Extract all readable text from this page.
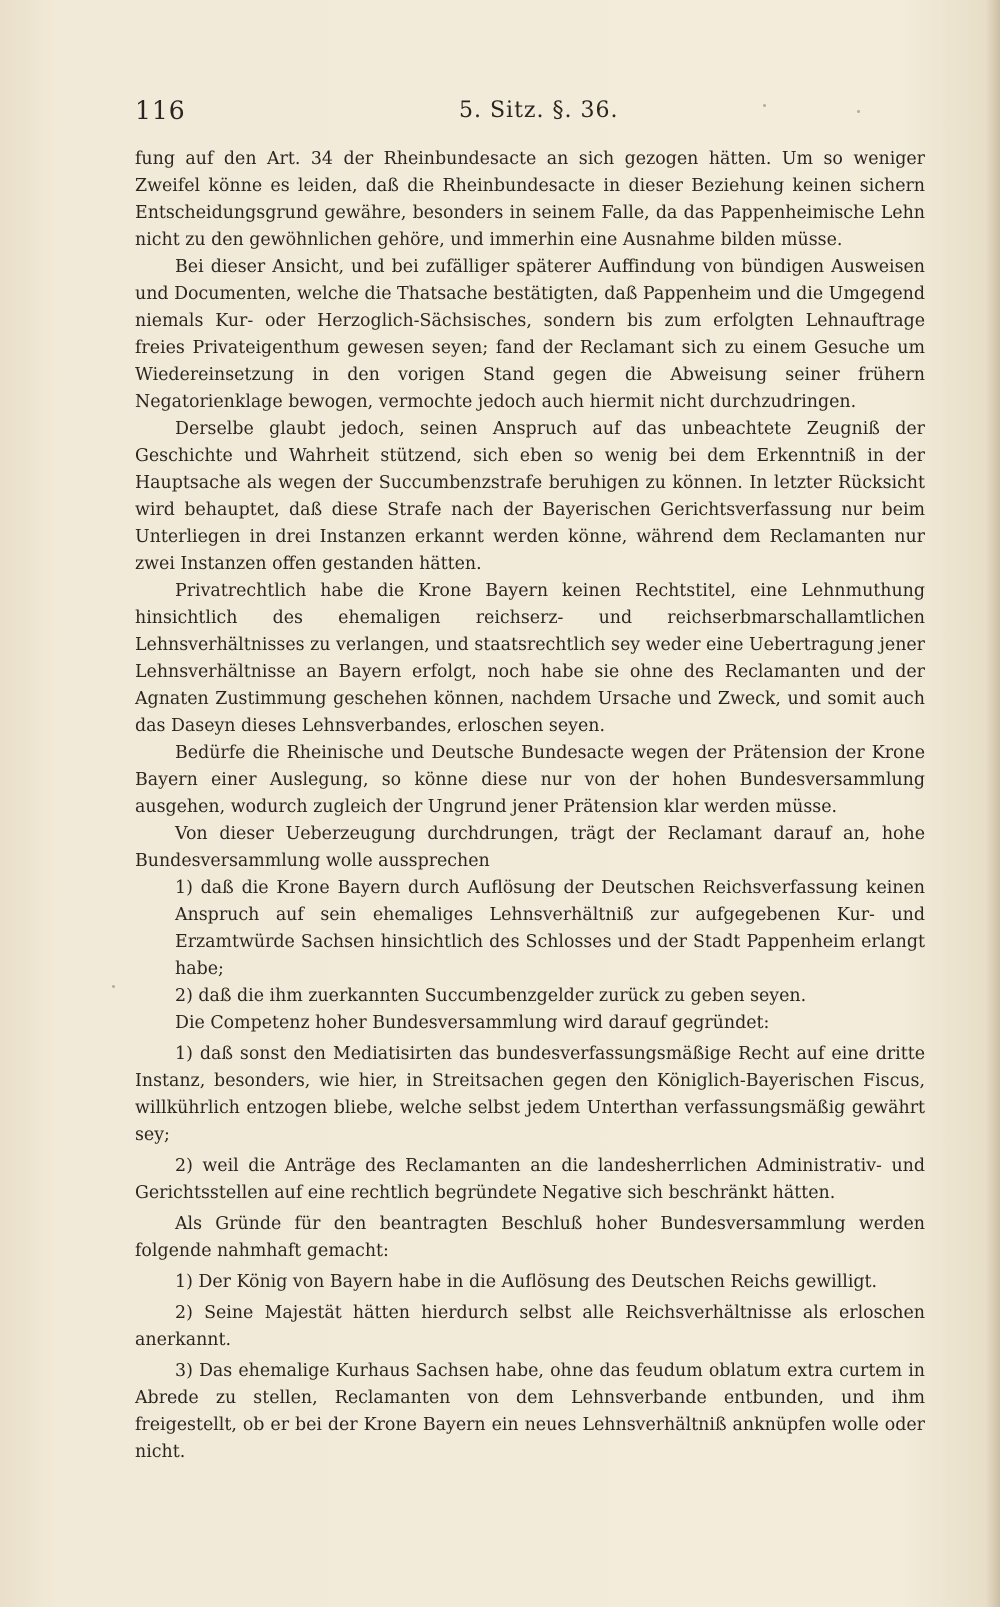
116	5. Sitz. §. 36.

fung auf den Art. 34 der Rheinbundesacte an sich gezogen hätten. Um so weniger Zweifel könne es leiden, daß die Rheinbundesacte in dieser Beziehung keinen sichern Entscheidungsgrund gewähre, besonders in seinem Falle, da das Pappenheimische Lehn nicht zu den gewöhnlichen gehöre, und immerhin eine Ausnahme bilden müsse.

Bei dieser Ansicht, und bei zufälliger späterer Auffindung von bündigen Ausweisen und Documenten, welche die Thatsache bestätigten, daß Pappenheim und die Umgegend niemals Kur- oder Herzoglich-Sächsisches, sondern bis zum erfolgten Lehnauftrage freies Privateigenthum gewesen seyen; fand der Reclamant sich zu einem Gesuche um Wiedereinsetzung in den vorigen Stand gegen die Abweisung seiner frühern Negatorienklage bewogen, vermochte jedoch auch hiermit nicht durchzudringen.

Derselbe glaubt jedoch, seinen Anspruch auf das unbeachtete Zeugniß der Geschichte und Wahrheit stützend, sich eben so wenig bei dem Erkenntniß in der Hauptsache als wegen der Succumbenzstrafe beruhigen zu können. In letzter Rücksicht wird behauptet, daß diese Strafe nach der Bayerischen Gerichtsverfassung nur beim Unterliegen in drei Instanzen erkannt werden könne, während dem Reclamanten nur zwei Instanzen offen gestanden hätten.

Privatrechtlich habe die Krone Bayern keinen Rechtstitel, eine Lehnmuthung hinsichtlich des ehemaligen reichserz- und reichserbmarschallamtlichen Lehnsverhältnisses zu verlangen, und staatsrechtlich sey weder eine Uebertragung jener Lehnsverhältnisse an Bayern erfolgt, noch habe sie ohne des Reclamanten und der Agnaten Zustimmung geschehen können, nachdem Ursache und Zweck, und somit auch das Daseyn dieses Lehnsverbandes, erloschen seyen.

Bedürfe die Rheinische und Deutsche Bundesacte wegen der Prätension der Krone Bayern einer Auslegung, so könne diese nur von der hohen Bundesversammlung ausgehen, wodurch zugleich der Ungrund jener Prätension klar werden müsse.

Von dieser Ueberzeugung durchdrungen, trägt der Reclamant darauf an, hohe Bundesversammlung wolle aussprechen

1) daß die Krone Bayern durch Auflösung der Deutschen Reichsverfassung keinen Anspruch auf sein ehemaliges Lehnsverhältniß zur aufgegebenen Kur- und Erzamtwürde Sachsen hinsichtlich des Schlosses und der Stadt Pappenheim erlangt habe;

2) daß die ihm zuerkannten Succumbenzgelder zurück zu geben seyen.

Die Competenz hoher Bundesversammlung wird darauf gegründet:

1) daß sonst den Mediatisirten das bundesverfassungsmäßige Recht auf eine dritte Instanz, besonders, wie hier, in Streitsachen gegen den Königlich-Bayerischen Fiscus, willkührlich entzogen bliebe, welche selbst jedem Unterthan verfassungsmäßig gewährt sey;

2) weil die Anträge des Reclamanten an die landesherrlichen Administrativ- und Gerichtsstellen auf eine rechtlich begründete Negative sich beschränkt hätten.

Als Gründe für den beantragten Beschluß hoher Bundesversammlung werden folgende nahmhaft gemacht:

1) Der König von Bayern habe in die Auflösung des Deutschen Reichs gewilligt.

2) Seine Majestät hätten hierdurch selbst alle Reichsverhältnisse als erloschen anerkannt.

3) Das ehemalige Kurhaus Sachsen habe, ohne das feudum oblatum extra curtem in Abrede zu stellen, Reclamanten von dem Lehnsverbande entbunden, und ihm freigestellt, ob er bei der Krone Bayern ein neues Lehnsverhältniß anknüpfen wolle oder nicht.
